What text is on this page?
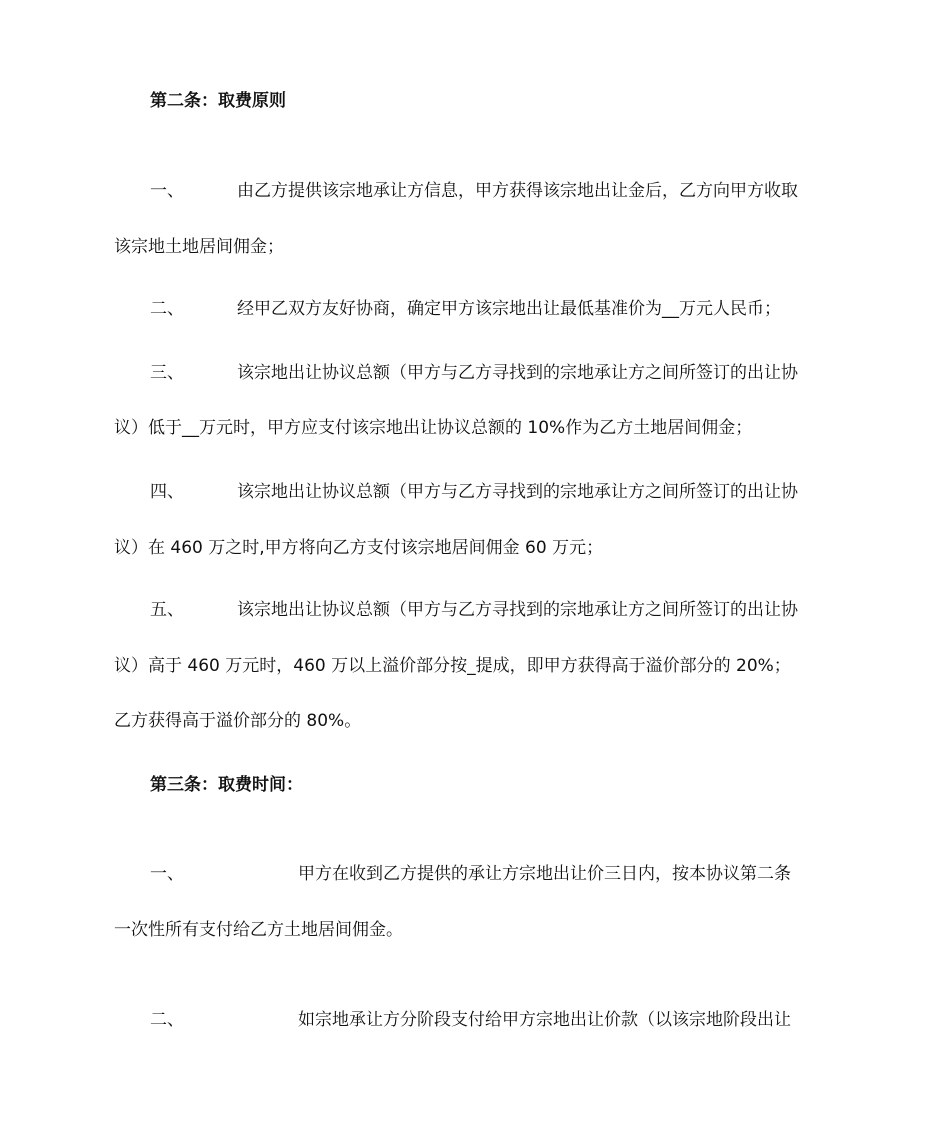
第二条：取费原则
一、	由乙方提供该宗地承让方信息，甲方获得该宗地出让金后，乙方向甲方收取
该宗地土地居间佣金；
二、	经甲乙双方友好协商，确定甲方该宗地出让最低基准价为__万元人民币；
三、	该宗地出让协议总额（甲方与乙方寻找到的宗地承让方之间所签订的出让协
议）低于__万元时，甲方应支付该宗地出让协议总额的 10%作为乙方土地居间佣金；
四、	该宗地出让协议总额（甲方与乙方寻找到的宗地承让方之间所签订的出让协
议）在 460 万之时,甲方将向乙方支付该宗地居间佣金 60 万元；
五、	该宗地出让协议总额（甲方与乙方寻找到的宗地承让方之间所签订的出让协
议）高于 460 万元时，460 万以上溢价部分按_提成，即甲方获得高于溢价部分的 20%；
乙方获得高于溢价部分的 80%。
第三条：取费时间：
一、	甲方在收到乙方提供的承让方宗地出让价三日内，按本协议第二条
一次性所有支付给乙方土地居间佣金。
二、	如宗地承让方分阶段支付给甲方宗地出让价款（以该宗地阶段出让
